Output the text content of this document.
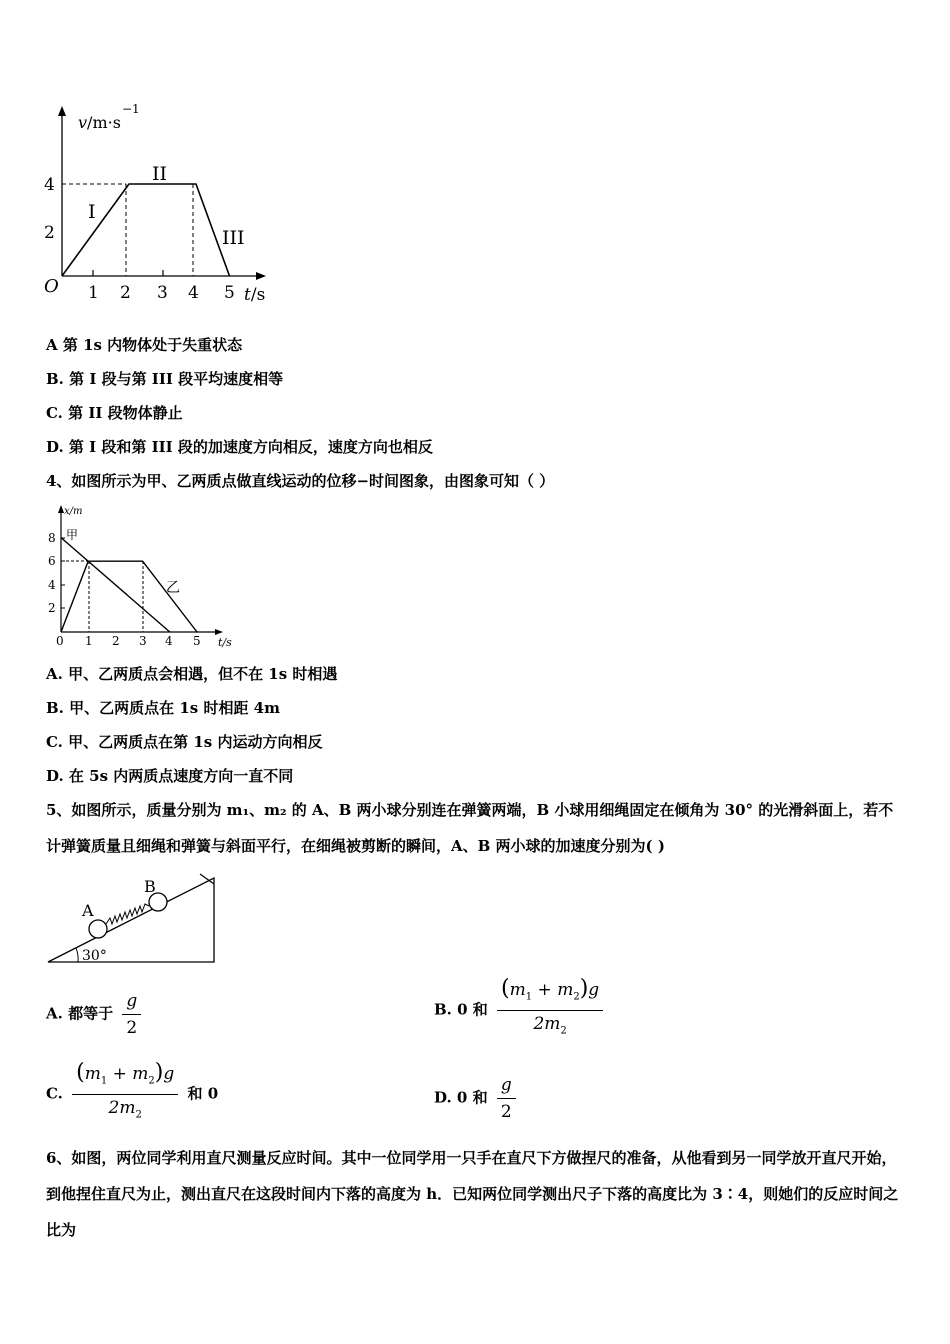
v/m·s
O
4
2
1 2 3 4 5 t/s
I
II
III
−1
A 第 1s 内物体处于失重状态
B. 第 I 段与第 III 段平均速度相等
C. 第 II 段物体静止
D. 第 I 段和第 III 段的加速度方向相反，速度方向也相反
4、如图所示为甲、乙两质点做直线运动的位移−时间图象，由图象可知（ ）
x/m
甲
乙
8
6
4
2
0 1 2 3 4 5 t/s
A. 甲、乙两质点会相遇，但不在 1s 时相遇
B. 甲、乙两质点在 1s 时相距 4m
C. 甲、乙两质点在第 1s 内运动方向相反
D. 在 5s 内两质点速度方向一直不同
5、如图所示，质量分别为 m₁、m₂ 的 A、B 两小球分别连在弹簧两端，B 小球用细绳固定在倾角为 30° 的光滑斜面上，若不计弹簧质量且细绳和弹簧与斜面平行，在细绳被剪断的瞬间，A、B 两小球的加速度分别为( )
30°
A
B
A. 都等于 $\frac{g}{2}$	B. 0 和 $\frac{(m_1 + m_2)g}{2m_2}$
C. $\frac{(m_1 + m_2)g}{2m_2}$ 和 0	D. 0 和 $\frac{g}{2}$
6、如图，两位同学利用直尺测量反应时间。其中一位同学用一只手在直尺下方做捏尺的准备，从他看到另一同学放开直尺开始，到他捏住直尺为止，测出直尺在这段时间内下落的高度为 h．已知两位同学测出尺子下落的高度比为 3∶4，则她们的反应时间之比为
